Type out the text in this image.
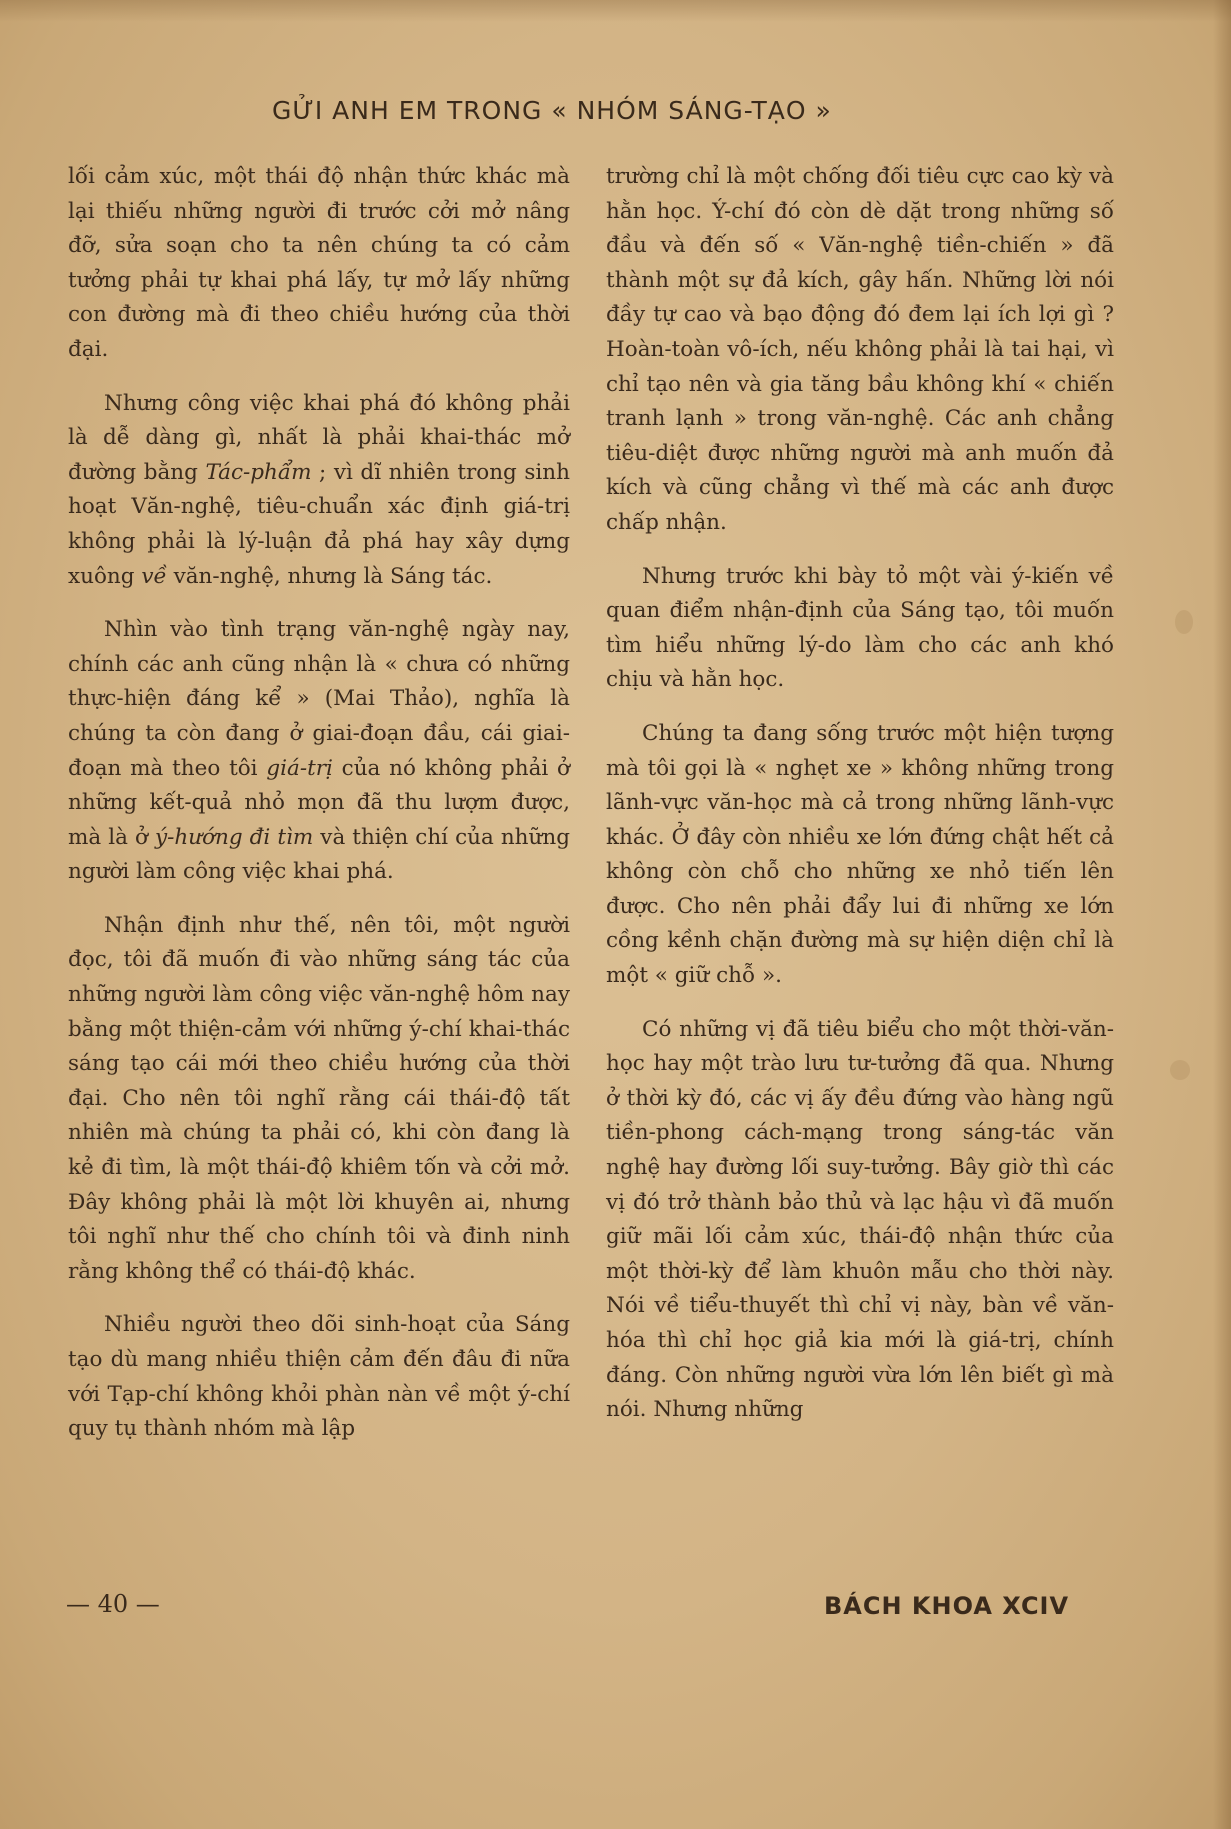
GỬI ANH EM TRONG « NHÓM SÁNG-TẠO »

lối cảm xúc, một thái độ nhận thức khác mà lại thiếu những người đi trước cởi mở nâng đỡ, sửa soạn cho ta nên chúng ta có cảm tưởng phải tự khai phá lấy, tự mở lấy những con đường mà đi theo chiều hướng của thời đại.

Nhưng công việc khai phá đó không phải là dễ dàng gì, nhất là phải khai-thác mở đường bằng Tác-phẩm ; vì dĩ nhiên trong sinh hoạt Văn-nghệ, tiêu-chuẩn xác định giá-trị không phải là lý-luận đả phá hay xây dựng xuông về văn-nghệ, nhưng là Sáng tác.

Nhìn vào tình trạng văn-nghệ ngày nay, chính các anh cũng nhận là « chưa có những thực-hiện đáng kể » (Mai Thảo), nghĩa là chúng ta còn đang ở giai-đoạn đầu, cái giai-đoạn mà theo tôi giá-trị của nó không phải ở những kết-quả nhỏ mọn đã thu lượm được, mà là ở ý-hướng đi tìm và thiện chí của những người làm công việc khai phá.

Nhận định như thế, nên tôi, một người đọc, tôi đã muốn đi vào những sáng tác của những người làm công việc văn-nghệ hôm nay bằng một thiện-cảm với những ý-chí khai-thác sáng tạo cái mới theo chiều hướng của thời đại. Cho nên tôi nghĩ rằng cái thái-độ tất nhiên mà chúng ta phải có, khi còn đang là kẻ đi tìm, là một thái-độ khiêm tốn và cởi mở. Đây không phải là một lời khuyên ai, nhưng tôi nghĩ như thế cho chính tôi và đinh ninh rằng không thể có thái-độ khác.

Nhiều người theo dõi sinh-hoạt của Sáng tạo dù mang nhiều thiện cảm đến đâu đi nữa với Tạp-chí không khỏi phàn nàn về một ý-chí quy tụ thành nhóm mà lập

trường chỉ là một chống đối tiêu cực cao kỳ và hằn học. Ý-chí đó còn dè dặt trong những số đầu và đến số « Văn-nghệ tiền-chiến » đã thành một sự đả kích, gây hấn. Những lời nói đầy tự cao và bạo động đó đem lại ích lợi gì ? Hoàn-toàn vô-ích, nếu không phải là tai hại, vì chỉ tạo nên và gia tăng bầu không khí « chiến tranh lạnh » trong văn-nghệ. Các anh chẳng tiêu-diệt được những người mà anh muốn đả kích và cũng chẳng vì thế mà các anh được chấp nhận.

Nhưng trước khi bày tỏ một vài ý-kiến về quan điểm nhận-định của Sáng tạo, tôi muốn tìm hiểu những lý-do làm cho các anh khó chịu và hằn học.

Chúng ta đang sống trước một hiện tượng mà tôi gọi là « nghẹt xe » không những trong lãnh-vực văn-học mà cả trong những lãnh-vực khác. Ở đây còn nhiều xe lớn đứng chật hết cả không còn chỗ cho những xe nhỏ tiến lên được. Cho nên phải đẩy lui đi những xe lớn cồng kềnh chặn đường mà sự hiện diện chỉ là một « giữ chỗ ».

Có những vị đã tiêu biểu cho một thời-văn-học hay một trào lưu tư-tưởng đã qua. Nhưng ở thời kỳ đó, các vị ấy đều đứng vào hàng ngũ tiền-phong cách-mạng trong sáng-tác văn nghệ hay đường lối suy-tưởng. Bây giờ thì các vị đó trở thành bảo thủ và lạc hậu vì đã muốn giữ mãi lối cảm xúc, thái-độ nhận thức của một thời-kỳ để làm khuôn mẫu cho thời này. Nói về tiểu-thuyết thì chỉ vị này, bàn về văn-hóa thì chỉ học giả kia mới là giá-trị, chính đáng. Còn những người vừa lớn lên biết gì mà nói. Nhưng những

— 40 —	BÁCH KHOA XCIV
